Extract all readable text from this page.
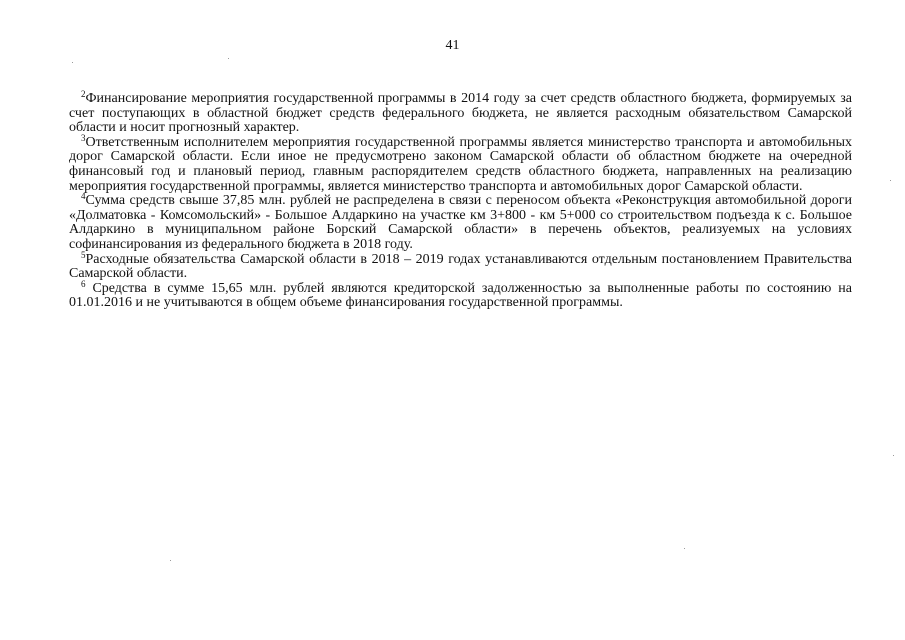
41

$^2$Финансирование мероприятия государственной программы в 2014 году за счет средств областного бюджета, формируемых за счет поступающих в областной бюджет средств федерального бюджета, не является расходным обязательством Самарской области и носит прогнозный характер.

$^3$Ответственным исполнителем мероприятия государственной программы является министерство транспорта и автомобильных дорог Самарской области. Если иное не предусмотрено законом Самарской области об областном бюджете на очередной финансовый год и плановый период, главным распорядителем средств областного бюджета, направленных на реализацию мероприятия государственной программы, является министерство транспорта и автомобильных дорог Самарской области.

$^4$Сумма средств свыше 37,85 млн. рублей не распределена в связи с переносом объекта «Реконструкция автомобильной дороги «Долматовка - Комсомольский» - Большое Алдаркино на участке км 3+800 - км 5+000 со строительством подъезда к с. Большое Алдаркино в муниципальном районе Борский Самарской области» в перечень объектов, реализуемых на условиях софинансирования из федерального бюджета в 2018 году.

$^5$Расходные обязательства Самарской области в 2018 – 2019 годах устанавливаются отдельным постановлением Правительства Самарской области.

$^6$ Средства в сумме 15,65 млн. рублей являются кредиторской задолженностью за выполненные работы по состоянию на 01.01.2016 и не учитываются в общем объеме финансирования государственной программы.
